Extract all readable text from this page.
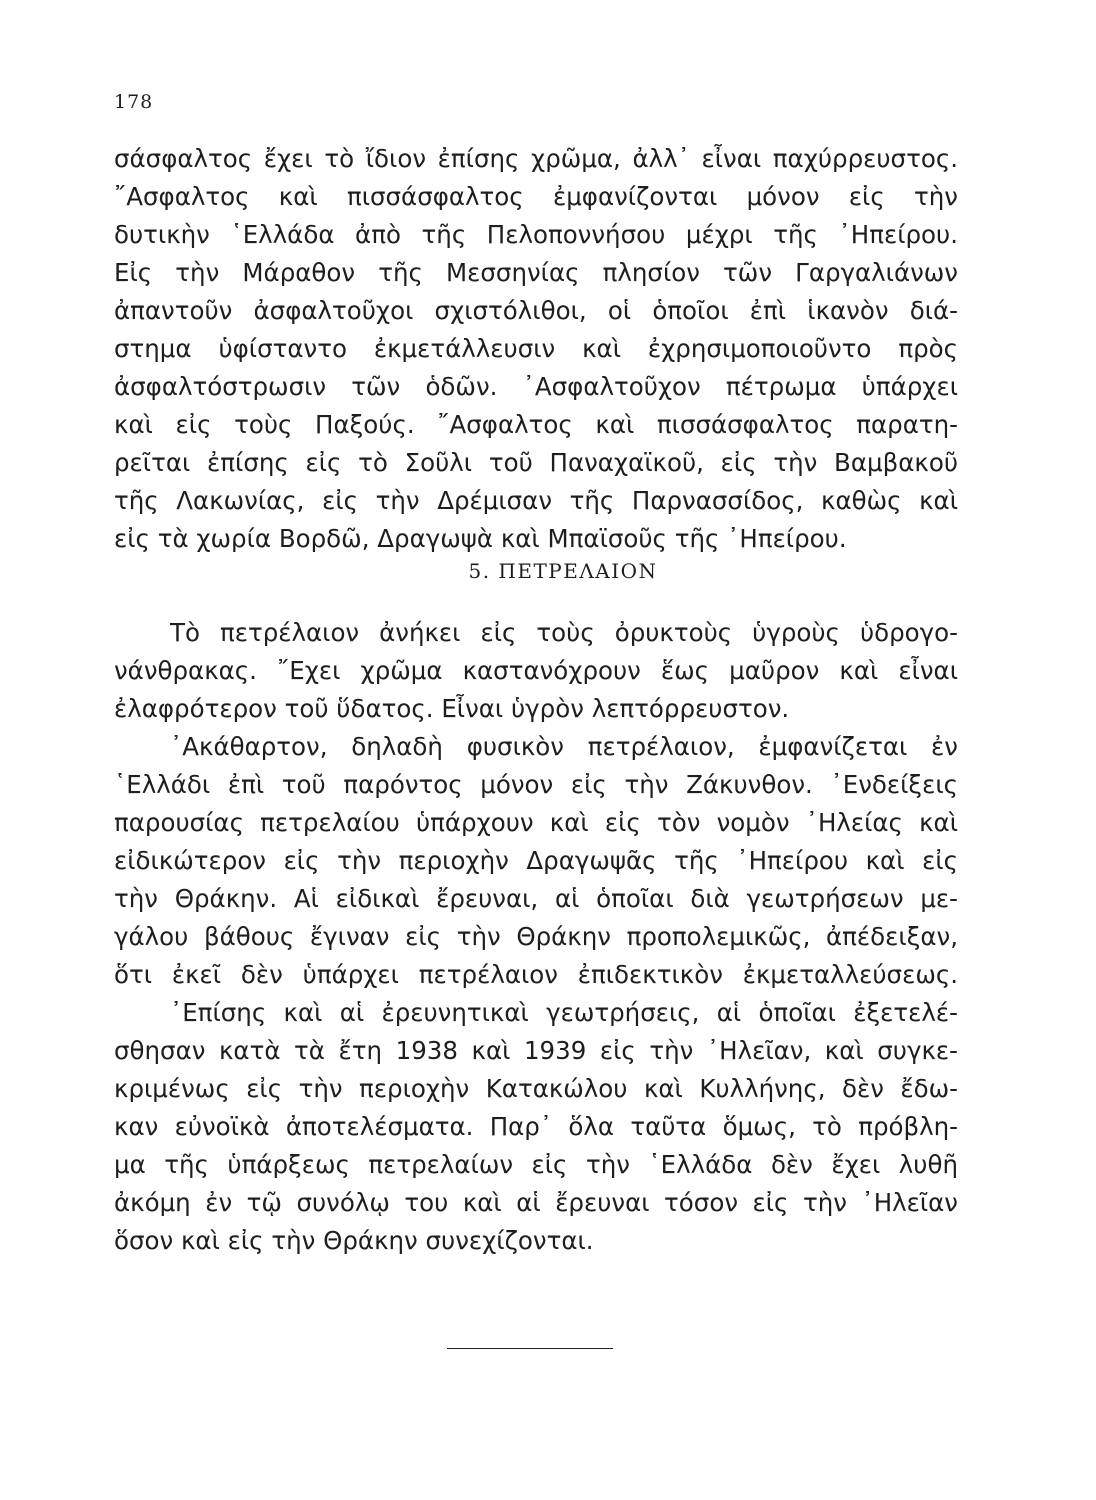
178
σάσφαλτος ἔχει τὸ ἴδιον ἐπίσης χρῶμα, ἀλλ᾽ εἶναι παχύρρευστος.
῎Ασφαλτος καὶ πισσάσφαλτος ἐμφανίζονται μόνον εἰς τὴν
δυτικὴν ῾Ελλάδα ἀπὸ τῆς Πελοποννήσου μέχρι τῆς ᾿Ηπείρου.
Εἰς τὴν Μάραθον τῆς Μεσσηνίας πλησίον τῶν Γαργαλιάνων
ἀπαντοῦν ἀσφαλτοῦχοι σχιστόλιθοι, οἱ ὁποῖοι ἐπὶ ἱκανὸν διά-
στημα ὑφίσταντο ἐκμετάλλευσιν καὶ ἐχρησιμοποιοῦντο πρὸς
ἀσφαλτόστρωσιν τῶν ὁδῶν. ᾿Ασφαλτοῦχον πέτρωμα ὑπάρχει
καὶ εἰς τοὺς Παξούς. ῎Ασφαλτος καὶ πισσάσφαλτος παρατη-
ρεῖται ἐπίσης εἰς τὸ Σοῦλι τοῦ Παναχαϊκοῦ, εἰς τὴν Βαμβακοῦ
τῆς Λακωνίας, εἰς τὴν Δρέμισαν τῆς Παρνασσίδος, καθὼς καὶ
εἰς τὰ χωρία Βορδῶ, Δραγωψὰ καὶ Μπαϊσοῦς τῆς ᾿Ηπείρου.
5. ΠΕΤΡΕΛΑΙΟΝ
Τὸ πετρέλαιον ἀνήκει εἰς τοὺς ὀρυκτοὺς ὑγροὺς ὑδρογο-
νάνθρακας. ῎Εχει χρῶμα καστανόχρουν ἕως μαῦρον καὶ εἶναι
ἐλαφρότερον τοῦ ὕδατος. Εἶναι ὑγρὸν λεπτόρρευστον.
᾿Ακάθαρτον, δηλαδὴ φυσικὸν πετρέλαιον, ἐμφανίζεται ἐν
῾Ελλάδι ἐπὶ τοῦ παρόντος μόνον εἰς τὴν Ζάκυνθον. ᾿Ενδείξεις
παρουσίας πετρελαίου ὑπάρχουν καὶ εἰς τὸν νομὸν ᾿Ηλείας καὶ
εἰδικώτερον εἰς τὴν περιοχὴν Δραγωψᾶς τῆς ᾿Ηπείρου καὶ εἰς
τὴν Θράκην. Αἱ εἰδικαὶ ἔρευναι, αἱ ὁποῖαι διὰ γεωτρήσεων με-
γάλου βάθους ἔγιναν εἰς τὴν Θράκην προπολεμικῶς, ἀπέδειξαν,
ὅτι ἐκεῖ δὲν ὑπάρχει πετρέλαιον ἐπιδεκτικὸν ἐκμεταλλεύσεως.
᾿Επίσης καὶ αἱ ἐρευνητικαὶ γεωτρήσεις, αἱ ὁποῖαι ἐξετελέ-
σθησαν κατὰ τὰ ἔτη 1938 καὶ 1939 εἰς τὴν ᾿Ηλεῖαν, καὶ συγκε-
κριμένως εἰς τὴν περιοχὴν Κατακώλου καὶ Κυλλήνης, δὲν ἔδω-
καν εὐνοϊκὰ ἀποτελέσματα. Παρ᾽ ὅλα ταῦτα ὅμως, τὸ πρόβλη-
μα τῆς ὑπάρξεως πετρελαίων εἰς τὴν ῾Ελλάδα δὲν ἔχει λυθῆ
ἀκόμη ἐν τῷ συνόλῳ του καὶ αἱ ἔρευναι τόσον εἰς τὴν ᾿Ηλεῖαν
ὅσον καὶ εἰς τὴν Θράκην συνεχίζονται.
